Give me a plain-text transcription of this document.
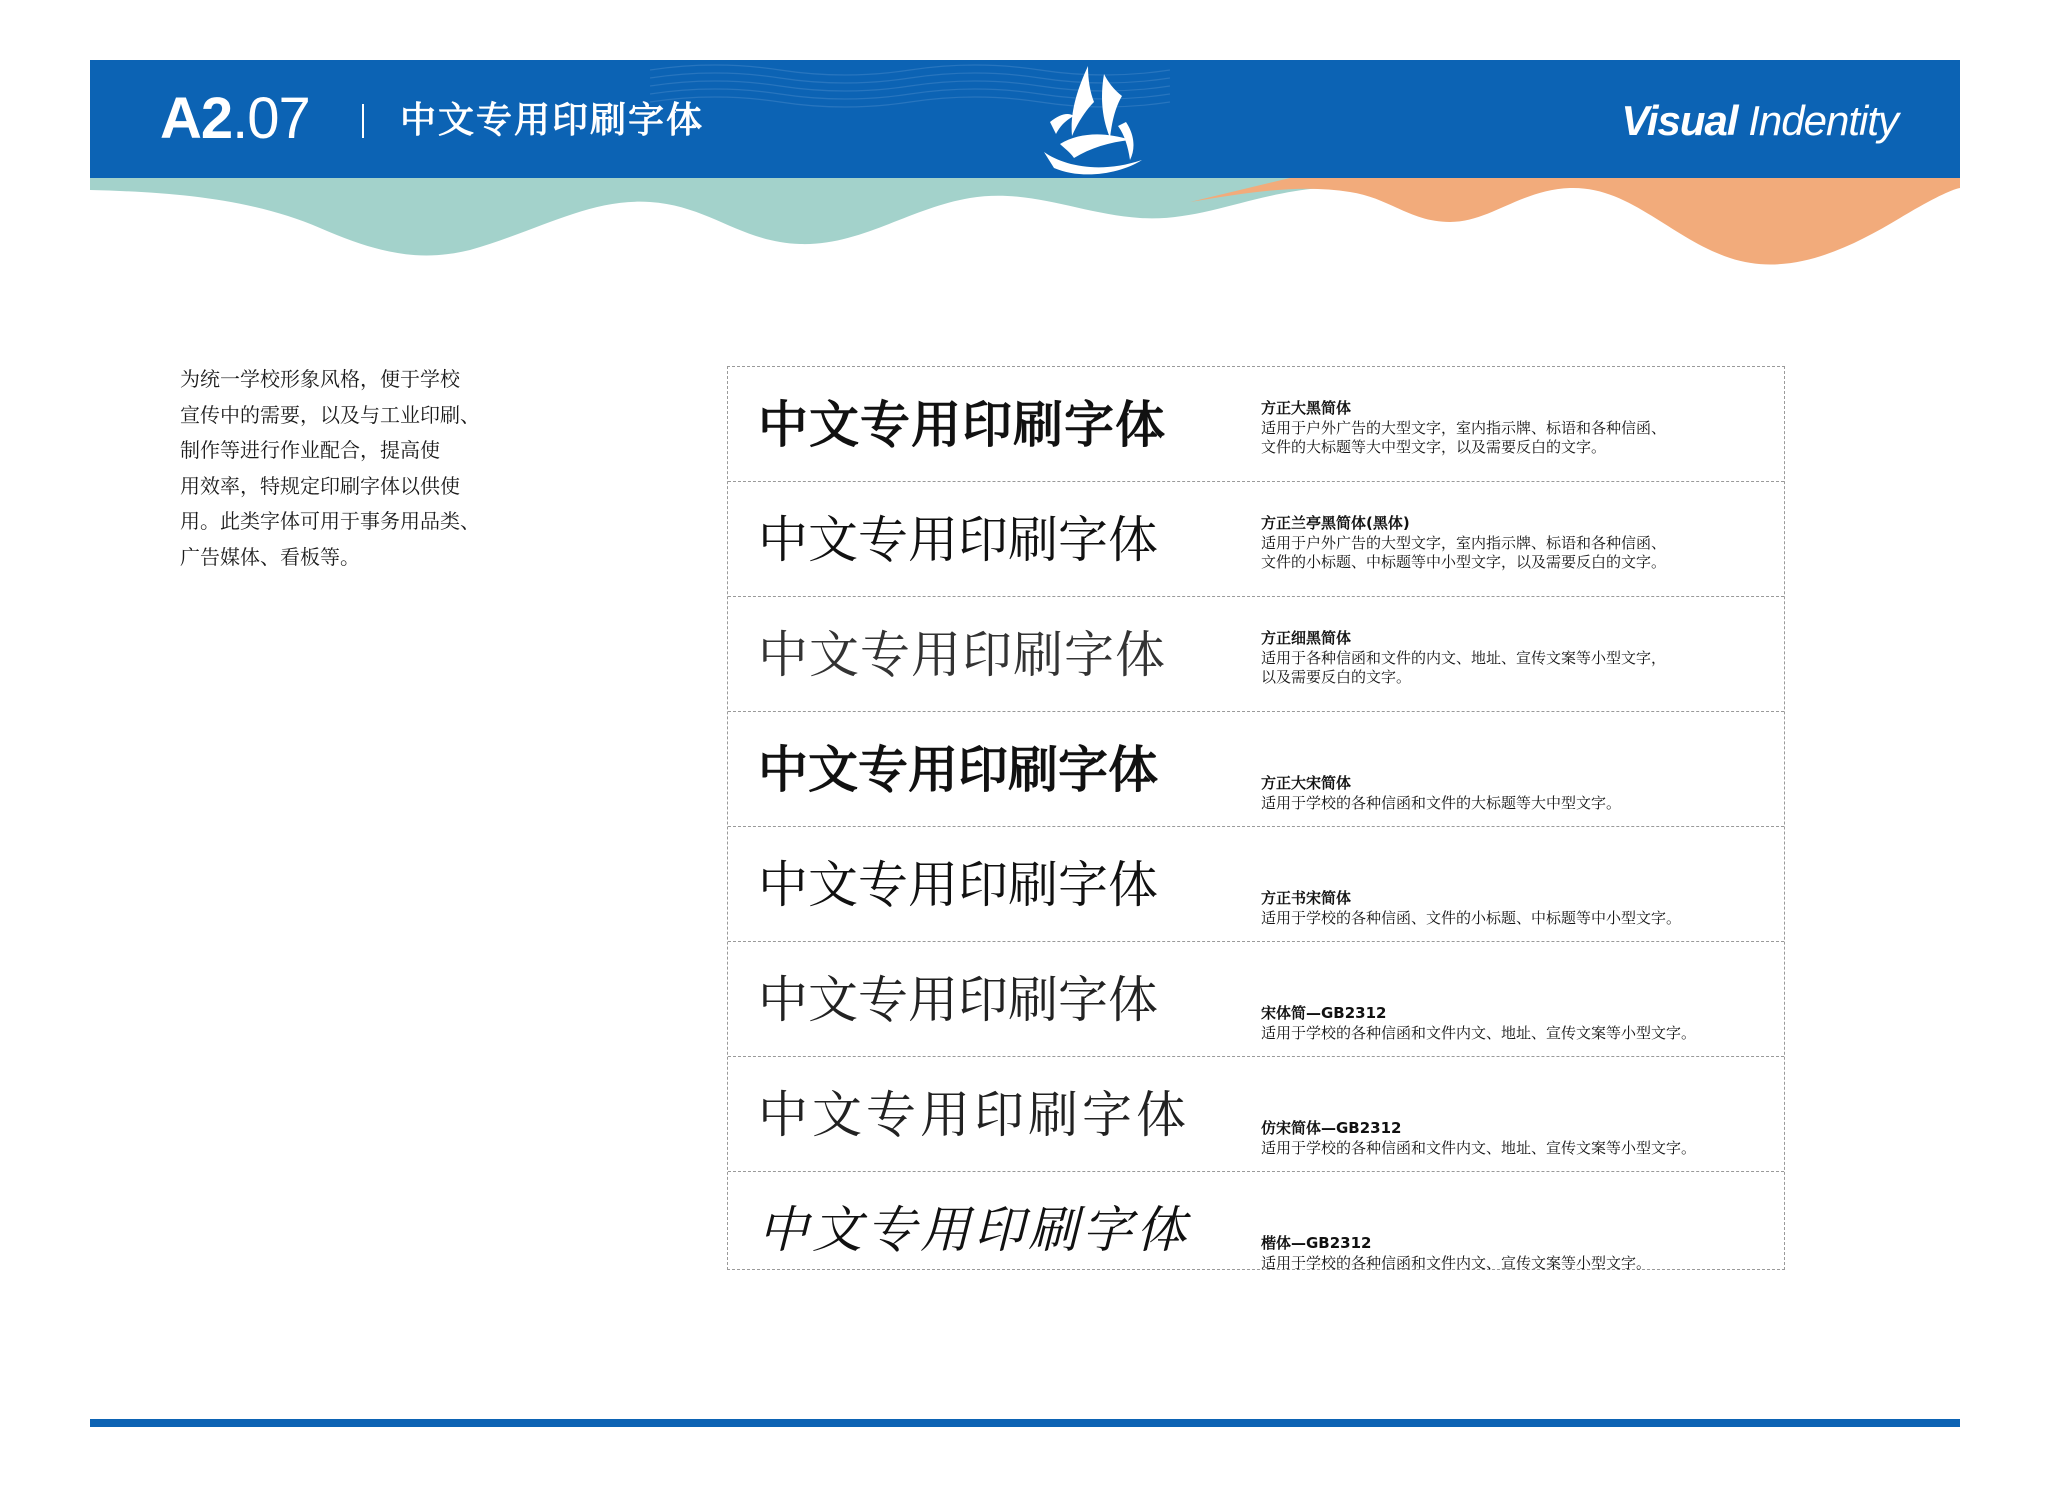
A2.07	中文专用印刷字体	Visual Indentity

为统一学校形象风格，便于学校

宣传中的需要，以及与工业印刷、

制作等进行作业配合，提高使

用效率，特规定印刷字体以供使

用。此类字体可用于事务用品类、

广告媒体、看板等。

中文专用印刷字体	方正大黑简体
适用于户外广告的大型文字，室内指示牌、标语和各种信函、
文件的大标题等大中型文字，以及需要反白的文字。
中文专用印刷字体	方正兰亭黑简体(黑体)
适用于户外广告的大型文字，室内指示牌、标语和各种信函、
文件的小标题、中标题等中小型文字，以及需要反白的文字。
中文专用印刷字体	方正细黑简体
适用于各种信函和文件的内文、地址、宣传文案等小型文字，
以及需要反白的文字。
中文专用印刷字体	方正大宋简体
适用于学校的各种信函和文件的大标题等大中型文字。
中文专用印刷字体	方正书宋简体
适用于学校的各种信函、文件的小标题、中标题等中小型文字。
中文专用印刷字体	宋体简—GB2312
适用于学校的各种信函和文件内文、地址、宣传文案等小型文字。
中文专用印刷字体	仿宋简体—GB2312
适用于学校的各种信函和文件内文、地址、宣传文案等小型文字。
中文专用印刷字体	楷体—GB2312
适用于学校的各种信函和文件内文、宣传文案等小型文字。
